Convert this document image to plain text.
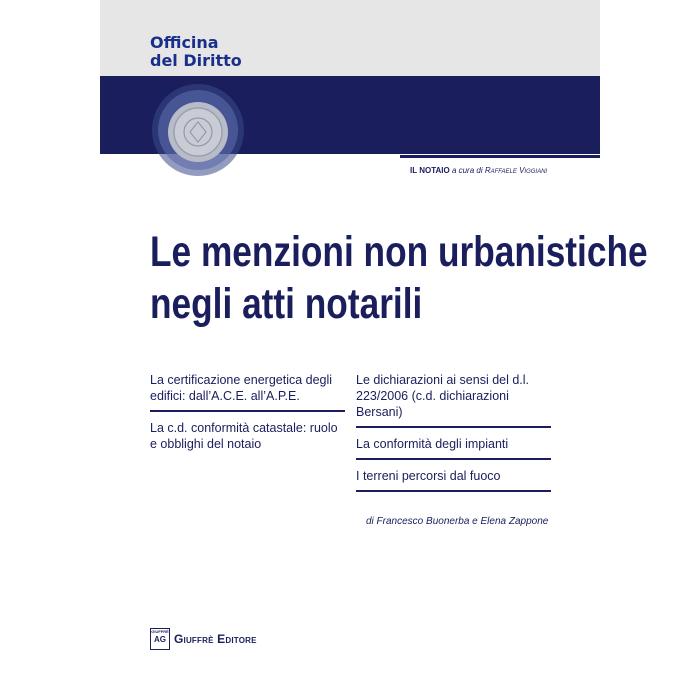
Officina
del Diritto
IL NOTAIO a cura di Raffaele Viggiani
Le menzioni non urbanistiche
negli atti notarili
La certificazione energetica degli edifici: dall’A.C.E. all’A.P.E.
La c.d. conformità catastale: ruolo e obblighi del notaio
Le dichiarazioni ai sensi del d.l. 223/2006 (c.d. dichiarazioni Bersani)
La conformità degli impianti
I terreni percorsi dal fuoco
di Francesco Buonerba e Elena Zappone
GIUFFRÈ
AG Giuffrè Editore
